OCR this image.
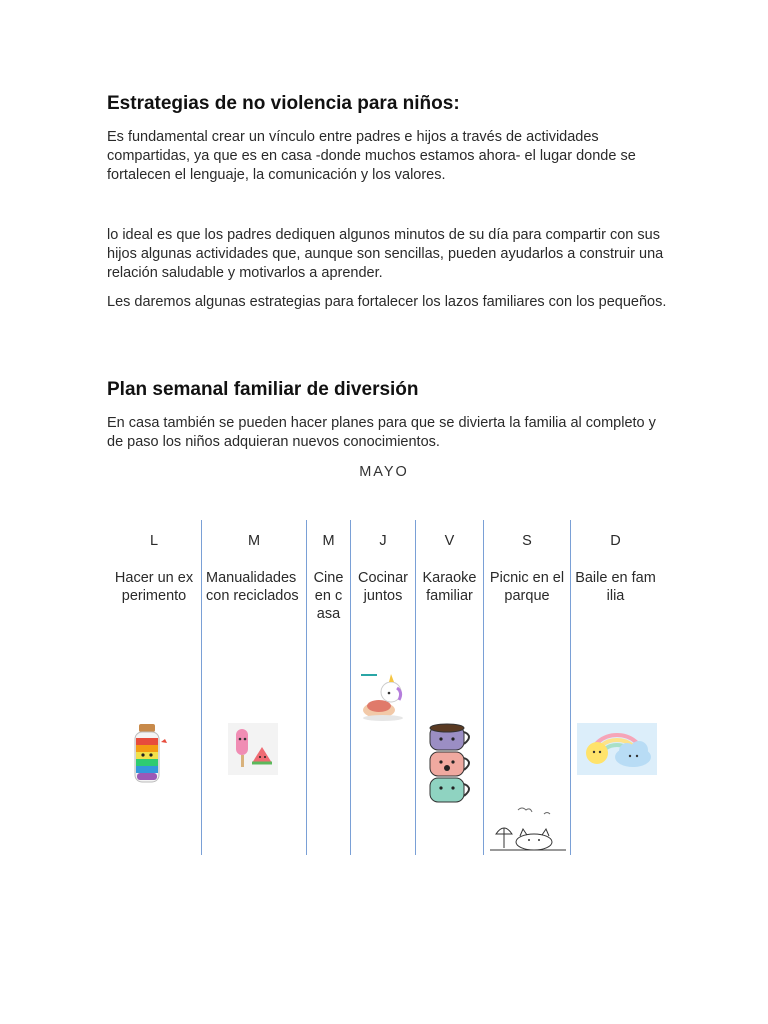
Estrategias de no violencia para niños:

Es fundamental crear un vínculo entre padres e hijos a través de actividades compartidas, ya que es en casa -donde muchos estamos ahora- el lugar donde se fortalecen el lenguaje, la comunicación y los valores.

lo ideal es que los padres dediquen algunos minutos de su día para compartir con sus hijos algunas actividades que, aunque son sencillas, pueden ayudarlos a construir una relación saludable y motivarlos a aprender.

Les daremos algunas estrategias para fortalecer los lazos familiares con los pequeños.

Plan semanal familiar de diversión

En casa también se pueden hacer planes para que se divierta la familia al completo y de paso los niños adquieran nuevos conocimientos.

MAYO
L
Hacer un experimento
M
Manualidades con reciclados
M
Cine en casa
J
Cocinar juntos
V
Karaoke familiar
S
Picnic en el parque
D
Baile en familia
